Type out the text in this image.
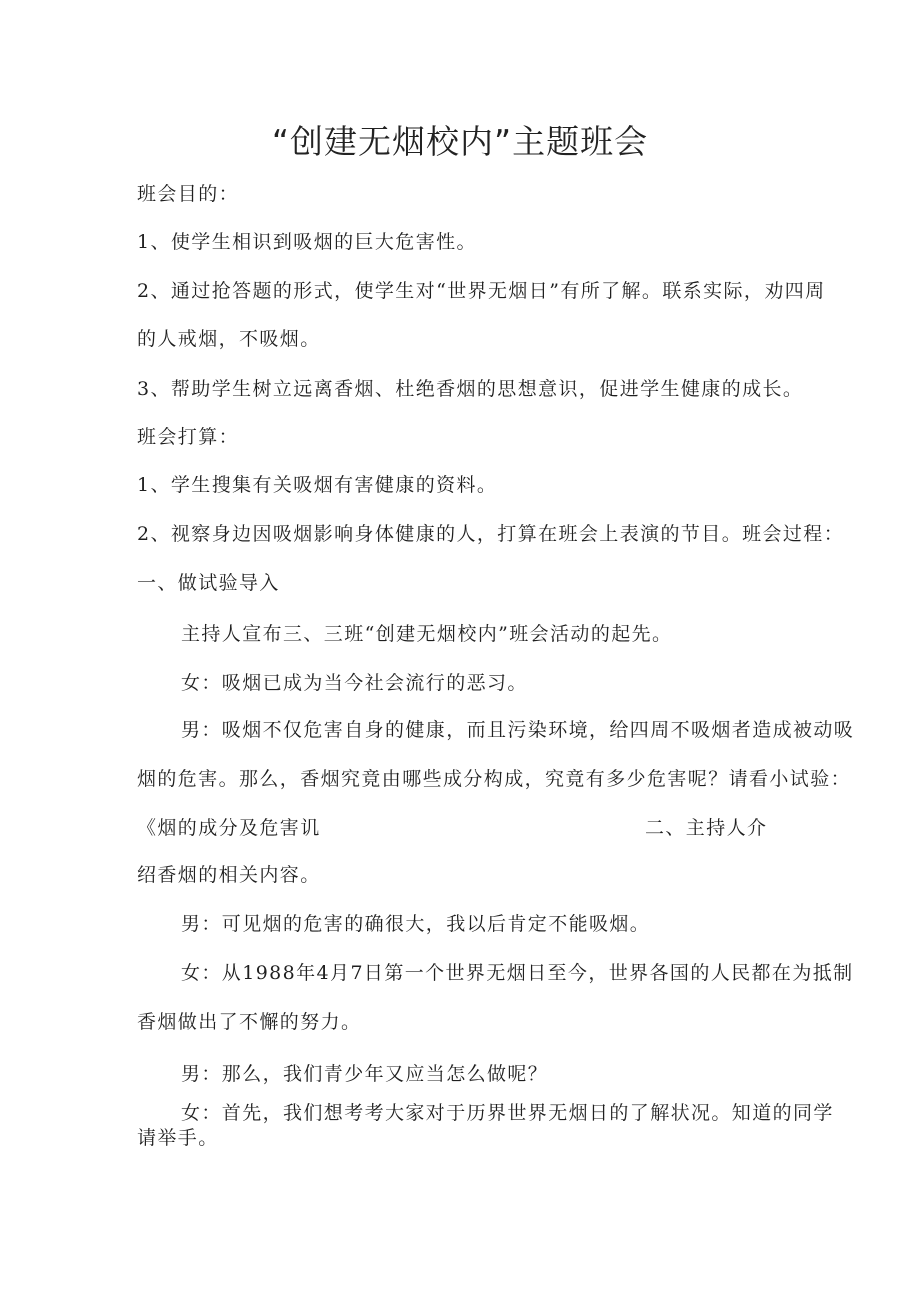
“创建无烟校内”主题班会
班会目的：
1、使学生相识到吸烟的巨大危害性。
2、通过抢答题的形式，使学生对“世界无烟日”有所了解。联系实际，劝四周
的人戒烟，不吸烟。
3、帮助学生树立远离香烟、杜绝香烟的思想意识，促进学生健康的成长。
班会打算：
1、学生搜集有关吸烟有害健康的资料。
2、视察身边因吸烟影响身体健康的人，打算在班会上表演的节目。班会过程：
一、做试验导入
主持人宣布三、三班“创建无烟校内”班会活动的起先。
女：吸烟已成为当今社会流行的恶习。
男：吸烟不仅危害自身的健康，而且污染环境，给四周不吸烟者造成被动吸
烟的危害。那么，香烟究竟由哪些成分构成，究竟有多少危害呢？请看小试验：
《烟的成分及危害讥	二、主持人介
绍香烟的相关内容。
男：可见烟的危害的确很大，我以后肯定不能吸烟。
女：从1988年4月7日第一个世界无烟日至今，世界各国的人民都在为抵制
香烟做出了不懈的努力。
男：那么，我们青少年又应当怎么做呢？
女：首先，我们想考考大家对于历界世界无烟日的了解状况。知道的同学
请举手。
